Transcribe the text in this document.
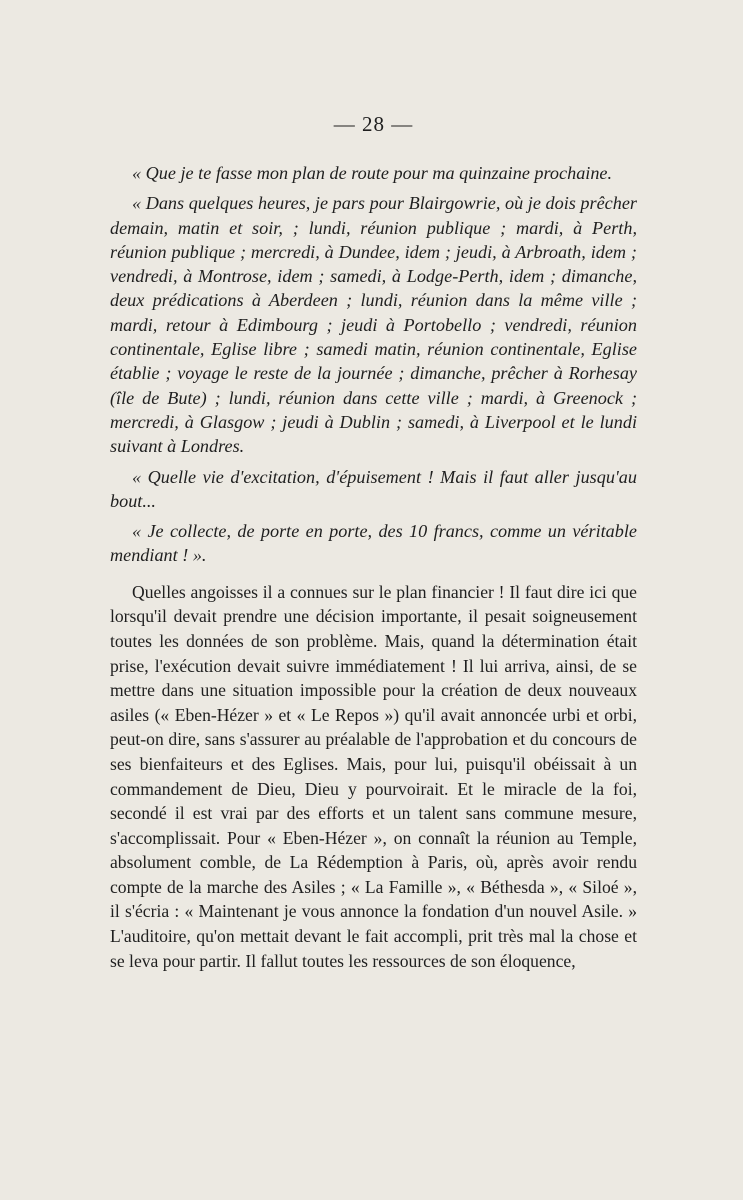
— 28 —

« Que je te fasse mon plan de route pour ma quinzaine prochaine.

« Dans quelques heures, je pars pour Blairgowrie, où je dois prêcher demain, matin et soir, ; lundi, réunion publique ; mardi, à Perth, réunion publique ; mercredi, à Dundee, idem ; jeudi, à Arbroath, idem ; vendredi, à Montrose, idem ; samedi, à Lodge-Perth, idem ; dimanche, deux prédications à Aberdeen ; lundi, réunion dans la même ville ; mardi, retour à Edimbourg ; jeudi à Portobello ; vendredi, réunion continentale, Eglise libre ; samedi matin, réunion continentale, Eglise établie ; voyage le reste de la journée ; dimanche, prêcher à Rorhesay (île de Bute) ; lundi, réunion dans cette ville ; mardi, à Greenock ; mercredi, à Glasgow ; jeudi à Dublin ; samedi, à Liverpool et le lundi suivant à Londres.

« Quelle vie d'excitation, d'épuisement ! Mais il faut aller jusqu'au bout...

« Je collecte, de porte en porte, des 10 francs, comme un véritable mendiant ! ».

Quelles angoisses il a connues sur le plan financier ! Il faut dire ici que lorsqu'il devait prendre une décision importante, il pesait soigneusement toutes les données de son problème. Mais, quand la détermination était prise, l'exécution devait suivre immédiatement ! Il lui arriva, ainsi, de se mettre dans une situation impossible pour la création de deux nouveaux asiles (« Eben-Hézer » et « Le Repos ») qu'il avait annoncée urbi et orbi, peut-on dire, sans s'assurer au préalable de l'approbation et du concours de ses bienfaiteurs et des Eglises. Mais, pour lui, puisqu'il obéissait à un commandement de Dieu, Dieu y pourvoirait. Et le miracle de la foi, secondé il est vrai par des efforts et un talent sans commune mesure, s'accomplissait. Pour « Eben-Hézer », on connaît la réunion au Temple, absolument comble, de La Rédemption à Paris, où, après avoir rendu compte de la marche des Asiles ; « La Famille », « Béthesda », « Siloé », il s'écria : « Maintenant je vous annonce la fondation d'un nouvel Asile. » L'auditoire, qu'on mettait devant le fait accompli, prit très mal la chose et se leva pour partir. Il fallut toutes les ressources de son éloquence,
